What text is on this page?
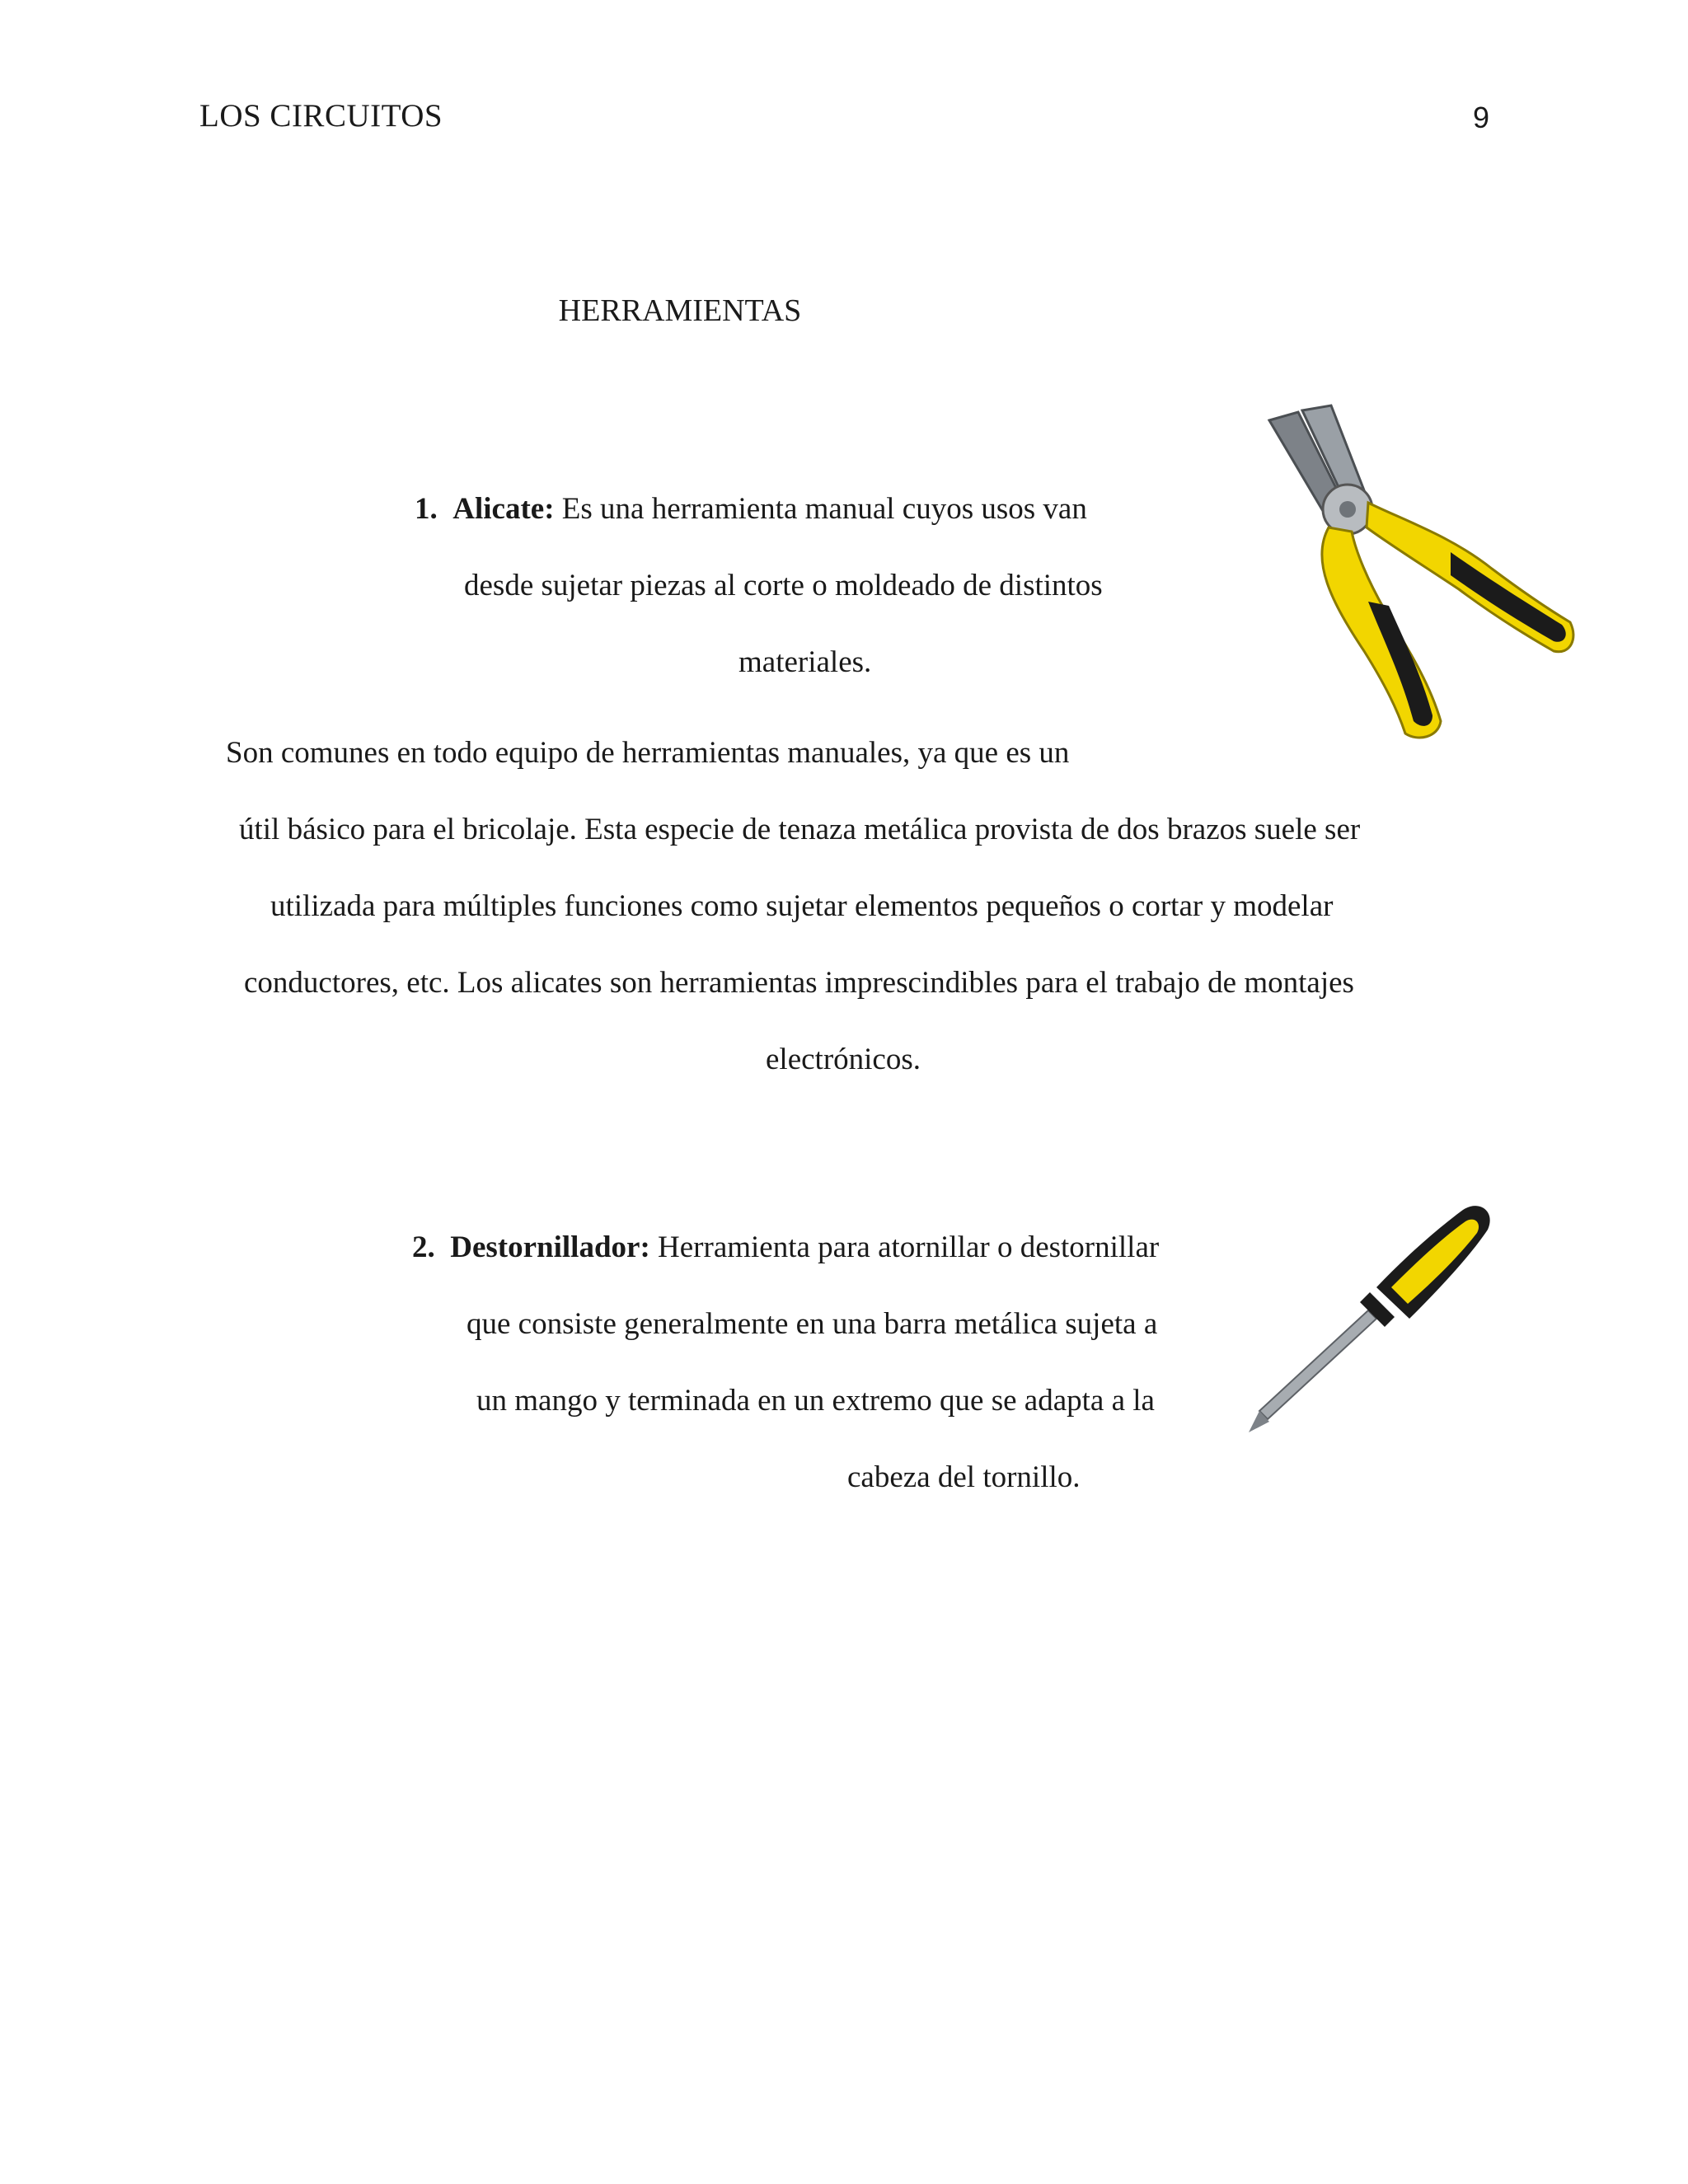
LOS CIRCUITOS	9
HERRAMIENTAS
1. Alicate: Es una herramienta manual cuyos usos van
desde sujetar piezas al corte o moldeado de distintos
materiales.
Son comunes en todo equipo de herramientas manuales, ya que es un
útil básico para el bricolaje. Esta especie de tenaza metálica provista de dos brazos suele ser
utilizada para múltiples funciones como sujetar elementos pequeños o cortar y modelar
conductores, etc. Los alicates son herramientas imprescindibles para el trabajo de montajes
electrónicos.
2. Destornillador: Herramienta para atornillar o destornillar
que consiste generalmente en una barra metálica sujeta a
un mango y terminada en un extremo que se adapta a la
cabeza del tornillo.
